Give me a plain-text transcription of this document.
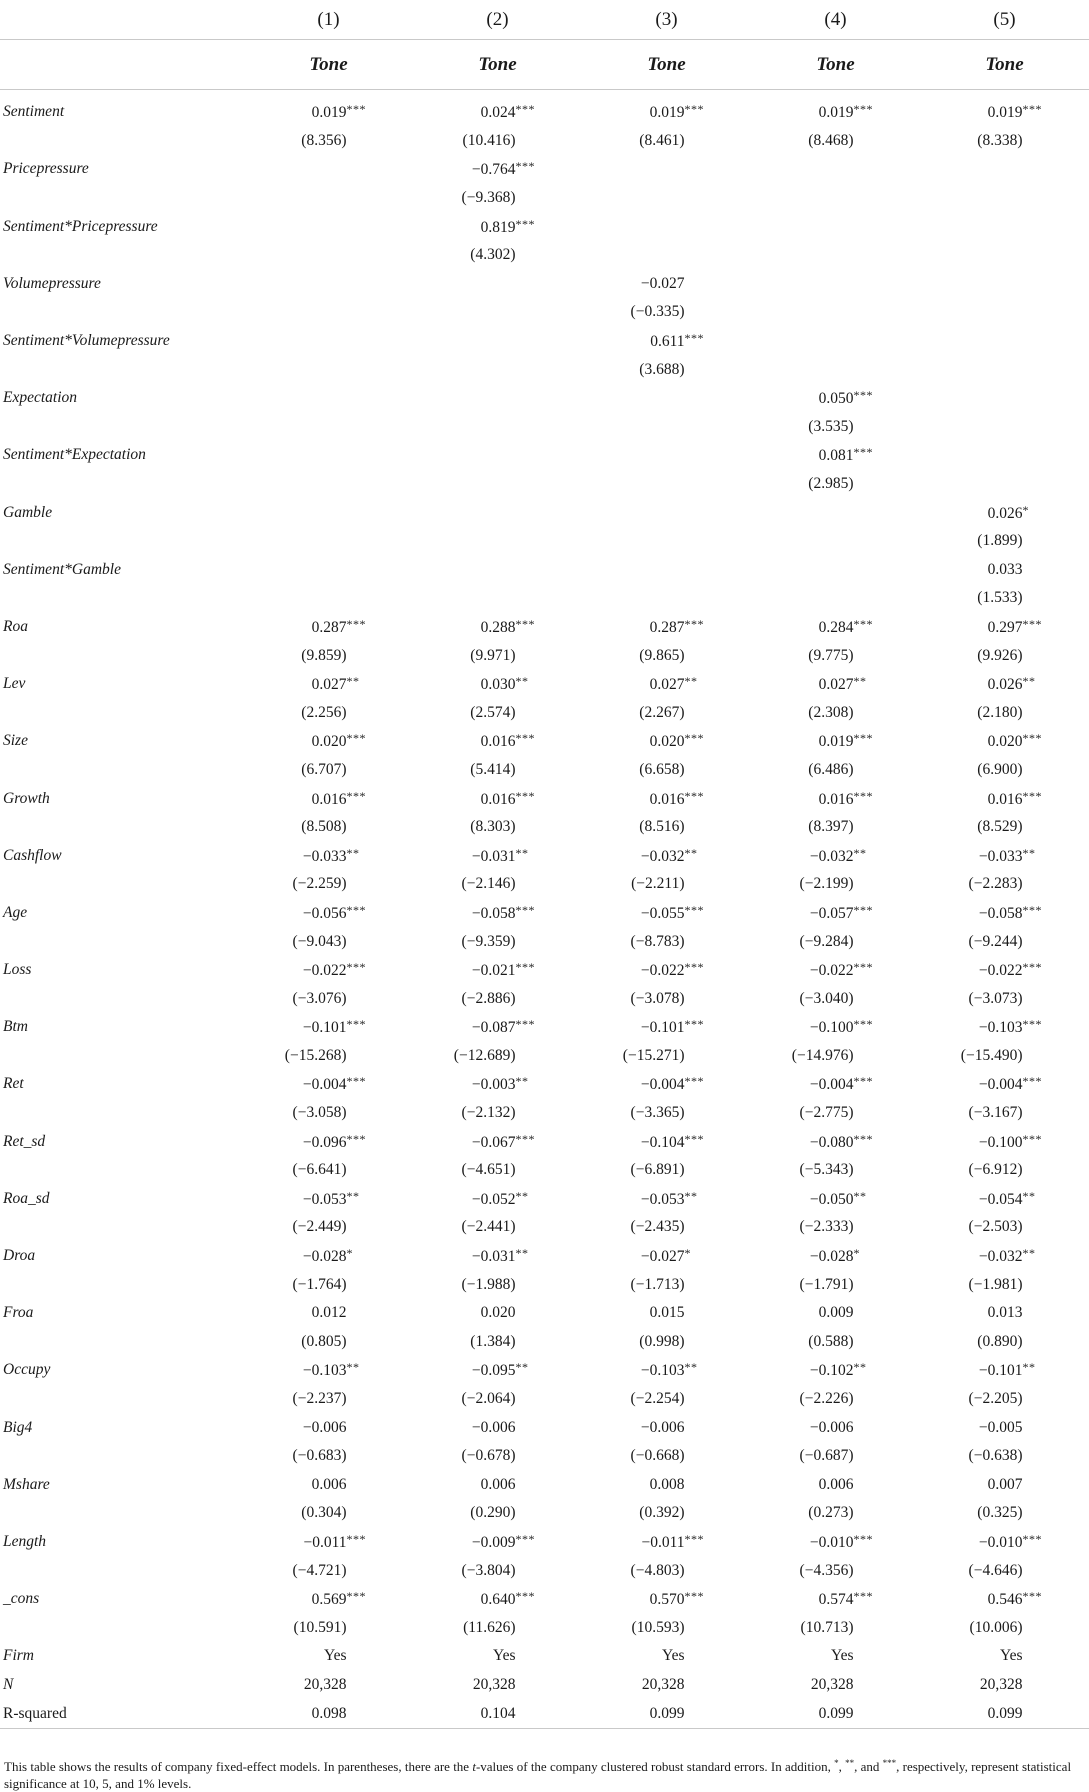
	(1)	(2)	(3)	(4)	(5)
	Tone	Tone	Tone	Tone	Tone
Sentiment	0.019***	0.024***	0.019***	0.019***	0.019***
	(8.356)	(10.416)	(8.461)	(8.468)	(8.338)
Pricepressure		−0.764***			
		(−9.368)			
Sentiment*Pricepressure		0.819***			
		(4.302)			
Volumepressure			−0.027		
			(−0.335)		
Sentiment*Volumepressure			0.611***		
			(3.688)		
Expectation				0.050***	
				(3.535)	
Sentiment*Expectation				0.081***	
				(2.985)	
Gamble					0.026*
					(1.899)
Sentiment*Gamble					0.033
					(1.533)
Roa	0.287***	0.288***	0.287***	0.284***	0.297***
	(9.859)	(9.971)	(9.865)	(9.775)	(9.926)
Lev	0.027**	0.030**	0.027**	0.027**	0.026**
	(2.256)	(2.574)	(2.267)	(2.308)	(2.180)
Size	0.020***	0.016***	0.020***	0.019***	0.020***
	(6.707)	(5.414)	(6.658)	(6.486)	(6.900)
Growth	0.016***	0.016***	0.016***	0.016***	0.016***
	(8.508)	(8.303)	(8.516)	(8.397)	(8.529)
Cashflow	−0.033**	−0.031**	−0.032**	−0.032**	−0.033**
	(−2.259)	(−2.146)	(−2.211)	(−2.199)	(−2.283)
Age	−0.056***	−0.058***	−0.055***	−0.057***	−0.058***
	(−9.043)	(−9.359)	(−8.783)	(−9.284)	(−9.244)
Loss	−0.022***	−0.021***	−0.022***	−0.022***	−0.022***
	(−3.076)	(−2.886)	(−3.078)	(−3.040)	(−3.073)
Btm	−0.101***	−0.087***	−0.101***	−0.100***	−0.103***
	(−15.268)	(−12.689)	(−15.271)	(−14.976)	(−15.490)
Ret	−0.004***	−0.003**	−0.004***	−0.004***	−0.004***
	(−3.058)	(−2.132)	(−3.365)	(−2.775)	(−3.167)
Ret_sd	−0.096***	−0.067***	−0.104***	−0.080***	−0.100***
	(−6.641)	(−4.651)	(−6.891)	(−5.343)	(−6.912)
Roa_sd	−0.053**	−0.052**	−0.053**	−0.050**	−0.054**
	(−2.449)	(−2.441)	(−2.435)	(−2.333)	(−2.503)
Droa	−0.028*	−0.031**	−0.027*	−0.028*	−0.032**
	(−1.764)	(−1.988)	(−1.713)	(−1.791)	(−1.981)
Froa	0.012	0.020	0.015	0.009	0.013
	(0.805)	(1.384)	(0.998)	(0.588)	(0.890)
Occupy	−0.103**	−0.095**	−0.103**	−0.102**	−0.101**
	(−2.237)	(−2.064)	(−2.254)	(−2.226)	(−2.205)
Big4	−0.006	−0.006	−0.006	−0.006	−0.005
	(−0.683)	(−0.678)	(−0.668)	(−0.687)	(−0.638)
Mshare	0.006	0.006	0.008	0.006	0.007
	(0.304)	(0.290)	(0.392)	(0.273)	(0.325)
Length	−0.011***	−0.009***	−0.011***	−0.010***	−0.010***
	(−4.721)	(−3.804)	(−4.803)	(−4.356)	(−4.646)
_cons	0.569***	0.640***	0.570***	0.574***	0.546***
	(10.591)	(11.626)	(10.593)	(10.713)	(10.006)
Firm	Yes	Yes	Yes	Yes	Yes
N	20,328	20,328	20,328	20,328	20,328
R-squared	0.098	0.104	0.099	0.099	0.099
This table shows the results of company fixed-effect models. In parentheses, there are the t-values of the company clustered robust standard errors. In addition, *, **, and ***, respectively, represent statistical significance at 10, 5, and 1% levels.
